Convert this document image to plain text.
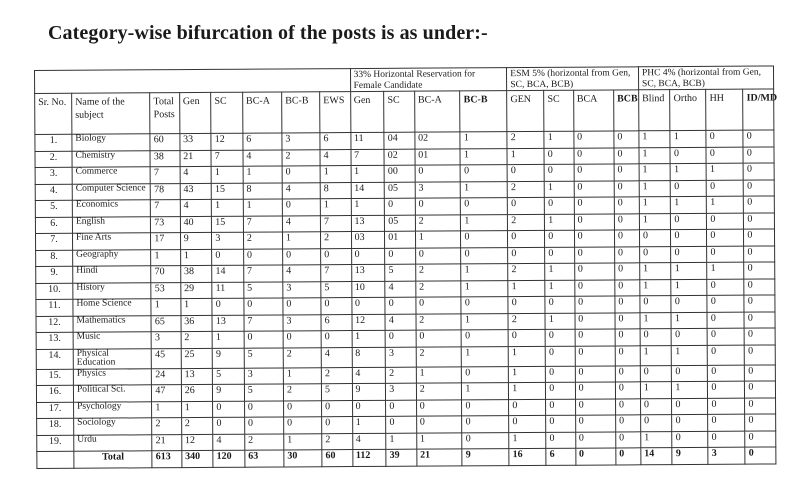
Category-wise bifurcation of the posts is as under:-
								33% Horizontal Reservation for Female Candidate				ESM 5% (horizontal from Gen, SC, BCA, BCB)				PHC 4% (horizontal from Gen, SC, BCA, BCB)			
Sr. No.	Name of the subject	Total Posts	Gen	SC	BC-A	BC-B	EWS	Gen	SC	BC-A	BC-B	GEN	SC	BCA	BCB	Blind	Ortho	HH	ID/MD
1.	Biology	60	33	12	6	3	6	11	04	02	1	2	1	0	0	1	1	0	0
2.	Chemistry	38	21	7	4	2	4	7	02	01	1	1	0	0	0	1	0	0	0
3.	Commerce	7	4	1	1	0	1	1	00	0	0	0	0	0	0	1	1	1	0
4.	Computer Science	78	43	15	8	4	8	14	05	3	1	2	1	0	0	1	0	0	0
5.	Economics	7	4	1	1	0	1	1	0	0	0	0	0	0	0	1	1	1	0
6.	English	73	40	15	7	4	7	13	05	2	1	2	1	0	0	1	0	0	0
7.	Fine Arts	17	9	3	2	1	2	03	01	1	0	0	0	0	0	0	0	0	0
8.	Geography	1	1	0	0	0	0	0	0	0	0	0	0	0	0	0	0	0	0
9.	Hindi	70	38	14	7	4	7	13	5	2	1	2	1	0	0	1	1	1	0
10.	History	53	29	11	5	3	5	10	4	2	1	1	1	0	0	1	1	0	0
11.	Home Science	1	1	0	0	0	0	0	0	0	0	0	0	0	0	0	0	0	0
12.	Mathematics	65	36	13	7	3	6	12	4	2	1	2	1	0	0	1	1	0	0
13.	Music	3	2	1	0	0	0	1	0	0	0	0	0	0	0	0	0	0	0
14.	Physical Education	45	25	9	5	2	4	8	3	2	1	1	0	0	0	1	1	0	0
15.	Physics	24	13	5	3	1	2	4	2	1	0	1	0	0	0	0	0	0	0
16.	Political Sci.	47	26	9	5	2	5	9	3	2	1	1	0	0	0	1	1	0	0
17.	Psychology	1	1	0	0	0	0	0	0	0	0	0	0	0	0	0	0	0	0
18.	Sociology	2	2	0	0	0	0	1	0	0	0	0	0	0	0	0	0	0	0
19.	Urdu	21	12	4	2	1	2	4	1	1	0	1	0	0	0	1	0	0	0
	Total	613	340	120	63	30	60	112	39	21	9	16	6	0	0	14	9	3	0
